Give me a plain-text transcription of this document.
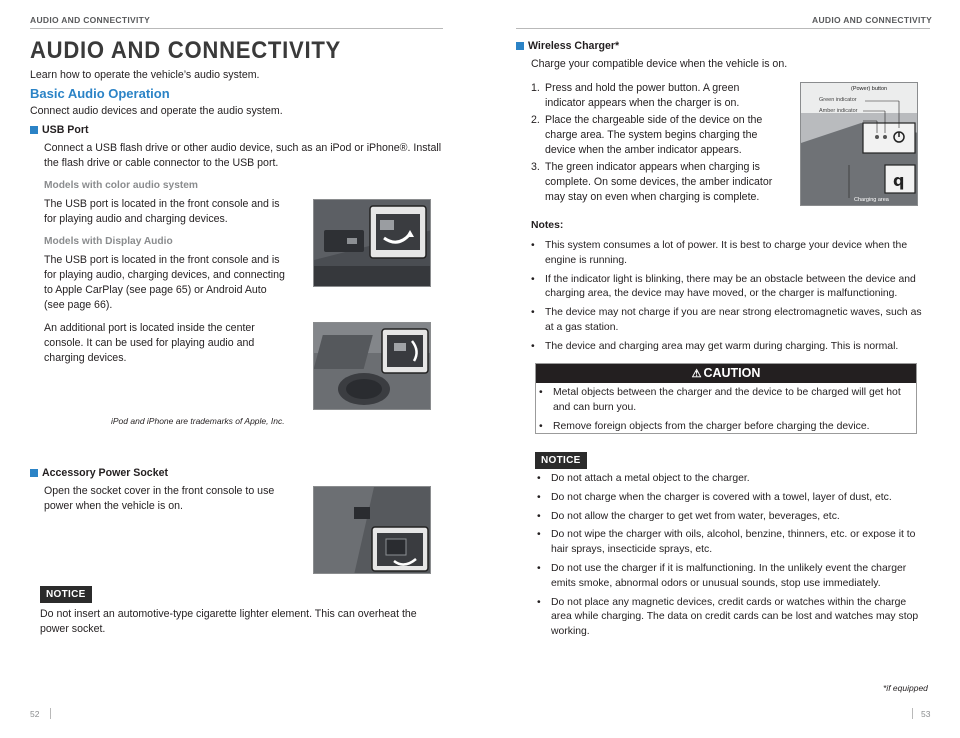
AUDIO AND CONNECTIVITY
AUDIO AND CONNECTIVITY
Learn how to operate the vehicle’s audio system.
Basic Audio Operation
Connect audio devices and operate the audio system.
USB Port
Connect a USB flash drive or other audio device, such as an iPod or iPhone®. Install
the flash drive or cable connector to the USB port.
Models with color audio system
The USB port is located in the front console and is
for playing audio and charging devices.
Models with Display Audio
The USB port is located in the front console and is
for playing audio, charging devices, and connecting
to Apple CarPlay (see page 65) or Android Auto
(see page 66).
An additional port is located inside the center
console. It can be used for playing audio and
charging devices.
iPod and iPhone are trademarks of Apple, Inc.
Accessory Power Socket
Open the socket cover in the front console to use
power when the vehicle is on.
NOTICE
Do not insert an automotive-type cigarette lighter element. This can overheat the
power socket.
52
AUDIO AND CONNECTIVITY
Wireless Charger*
Charge your compatible device when the vehicle is on.
1. Press and hold the power button. A green indicator appears when the charger is on.
2. Place the chargeable side of the device on the charge area. The system begins charging the device when the amber indicator appears.
3. The green indicator appears when charging is complete. On some devices, the amber indicator may stay on even when charging is complete.
q
(Power) button
Green indicator
Amber indicator
Charging area
Notes:
• This system consumes a lot of power. It is best to charge your device when the engine is running.
• If the indicator light is blinking, there may be an obstacle between the device and charging area, the device may have moved, or the charger is malfunctioning.
• The device may not charge if you are near strong electromagnetic waves, such as at a gas station.
• The device and charging area may get warm during charging. This is normal.
⚠ CAUTION
• Metal objects between the charger and the device to be charged will get hot and can burn you.
• Remove foreign objects from the charger before charging the device.
NOTICE
• Do not attach a metal object to the charger.
• Do not charge when the charger is covered with a towel, layer of dust, etc.
• Do not allow the charger to get wet from water, beverages, etc.
• Do not wipe the charger with oils, alcohol, benzine, thinners, etc. or expose it to hair sprays, insecticide sprays, etc.
• Do not use the charger if it is malfunctioning. In the unlikely event the charger emits smoke, abnormal odors or unusual sounds, stop use immediately.
• Do not place any magnetic devices, credit cards or watches within the charge area while charging. The data on credit cards can be lost and watches may stop working.
*if equipped
53
